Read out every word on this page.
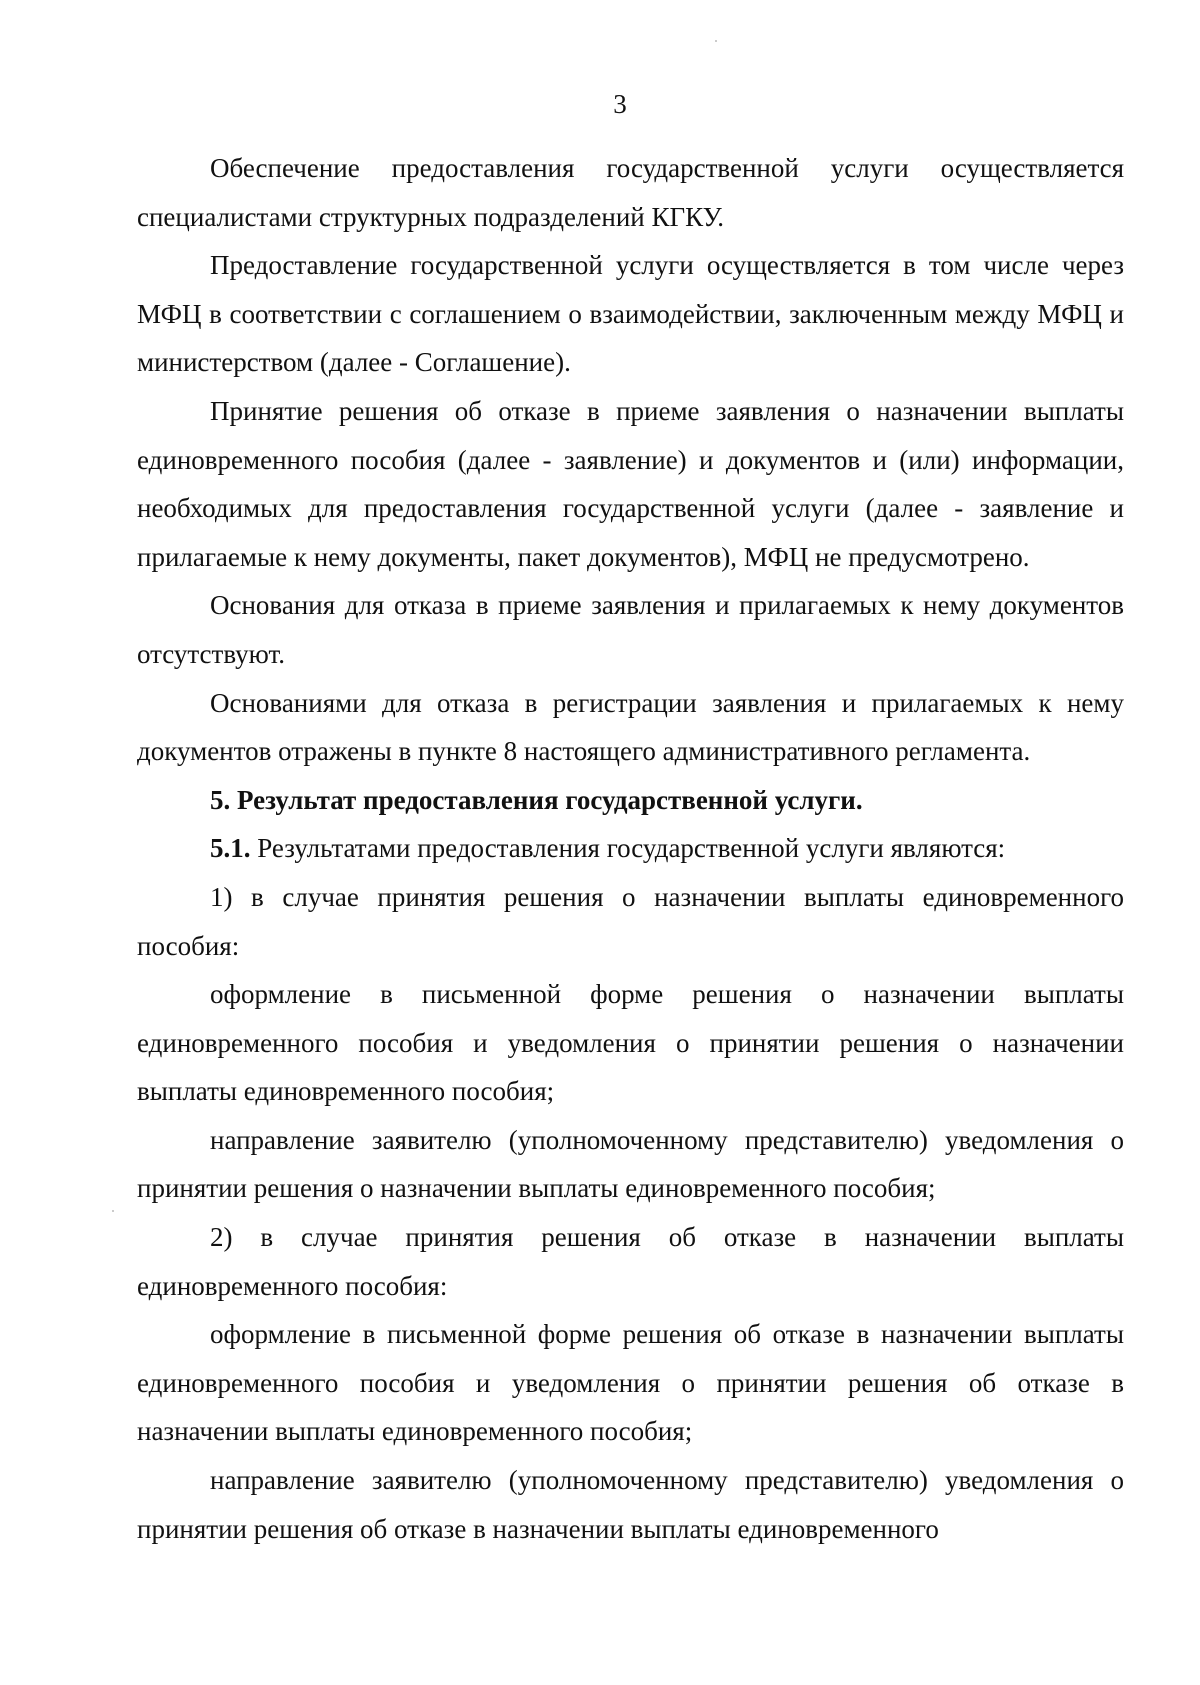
3

Обеспечение предоставления государственной услуги осуществляется специалистами структурных подразделений КГКУ.

Предоставление государственной услуги осуществляется в том числе через МФЦ в соответствии с соглашением о взаимодействии, заключенным между МФЦ и министерством (далее - Соглашение).

Принятие решения об отказе в приеме заявления о назначении выплаты единовременного пособия (далее - заявление) и документов и (или) информации, необходимых для предоставления государственной услуги (далее - заявление и прилагаемые к нему документы, пакет документов), МФЦ не предусмотрено.

Основания для отказа в приеме заявления и прилагаемых к нему документов отсутствуют.

Основаниями для отказа в регистрации заявления и прилагаемых к нему документов отражены в пункте 8 настоящего административного регламента.

5. Результат предоставления государственной услуги.

5.1. Результатами предоставления государственной услуги являются:

1) в случае принятия решения о назначении выплаты единовременного пособия:

оформление в письменной форме решения о назначении выплаты единовременного пособия и уведомления о принятии решения о назначении выплаты единовременного пособия;

направление заявителю (уполномоченному представителю) уведомления о принятии решения о назначении выплаты единовременного пособия;

2) в случае принятия решения об отказе в назначении выплаты единовременного пособия:

оформление в письменной форме решения об отказе в назначении выплаты единовременного пособия и уведомления о принятии решения об отказе в назначении выплаты единовременного пособия;

направление заявителю (уполномоченному представителю) уведомления о принятии решения об отказе в назначении выплаты единовременного
